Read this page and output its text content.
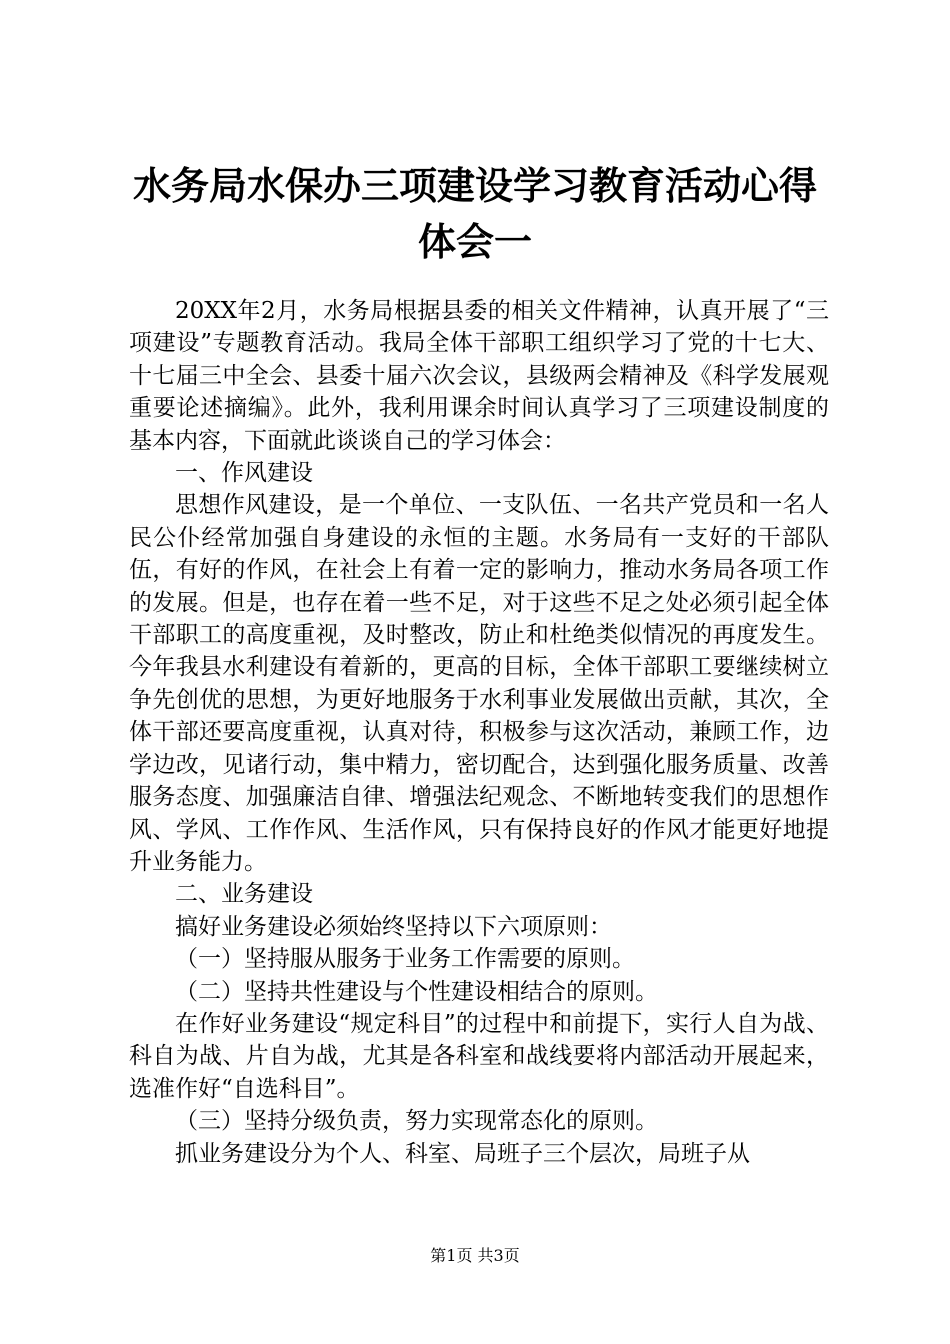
水务局水保办三项建设学习教育活动心得体会一

20XX年2月，水务局根据县委的相关文件精神，认真开展了“三项建设”专题教育活动。我局全体干部职工组织学习了党的十七大、十七届三中全会、县委十届六次会议，县级两会精神及《科学发展观重要论述摘编》。此外，我利用课余时间认真学习了三项建设制度的基本内容，下面就此谈谈自己的学习体会：

一、作风建设

思想作风建设，是一个单位、一支队伍、一名共产党员和一名人民公仆经常加强自身建设的永恒的主题。水务局有一支好的干部队伍，有好的作风，在社会上有着一定的影响力，推动水务局各项工作的发展。但是，也存在着一些不足，对于这些不足之处必须引起全体干部职工的高度重视，及时整改，防止和杜绝类似情况的再度发生。今年我县水利建设有着新的，更高的目标，全体干部职工要继续树立争先创优的思想，为更好地服务于水利事业发展做出贡献，其次，全体干部还要高度重视，认真对待，积极参与这次活动，兼顾工作，边学边改，见诸行动，集中精力，密切配合，达到强化服务质量、改善服务态度、加强廉洁自律、增强法纪观念、不断地转变我们的思想作风、学风、工作作风、生活作风，只有保持良好的作风才能更好地提升业务能力。

二、业务建设

搞好业务建设必须始终坚持以下六项原则：

（一）坚持服从服务于业务工作需要的原则。

（二）坚持共性建设与个性建设相结合的原则。

在作好业务建设“规定科目”的过程中和前提下，实行人自为战、科自为战、片自为战，尤其是各科室和战线要将内部活动开展起来，选准作好“自选科目”。

（三）坚持分级负责，努力实现常态化的原则。

抓业务建设分为个人、科室、局班子三个层次，局班子从

第1页 共3页
